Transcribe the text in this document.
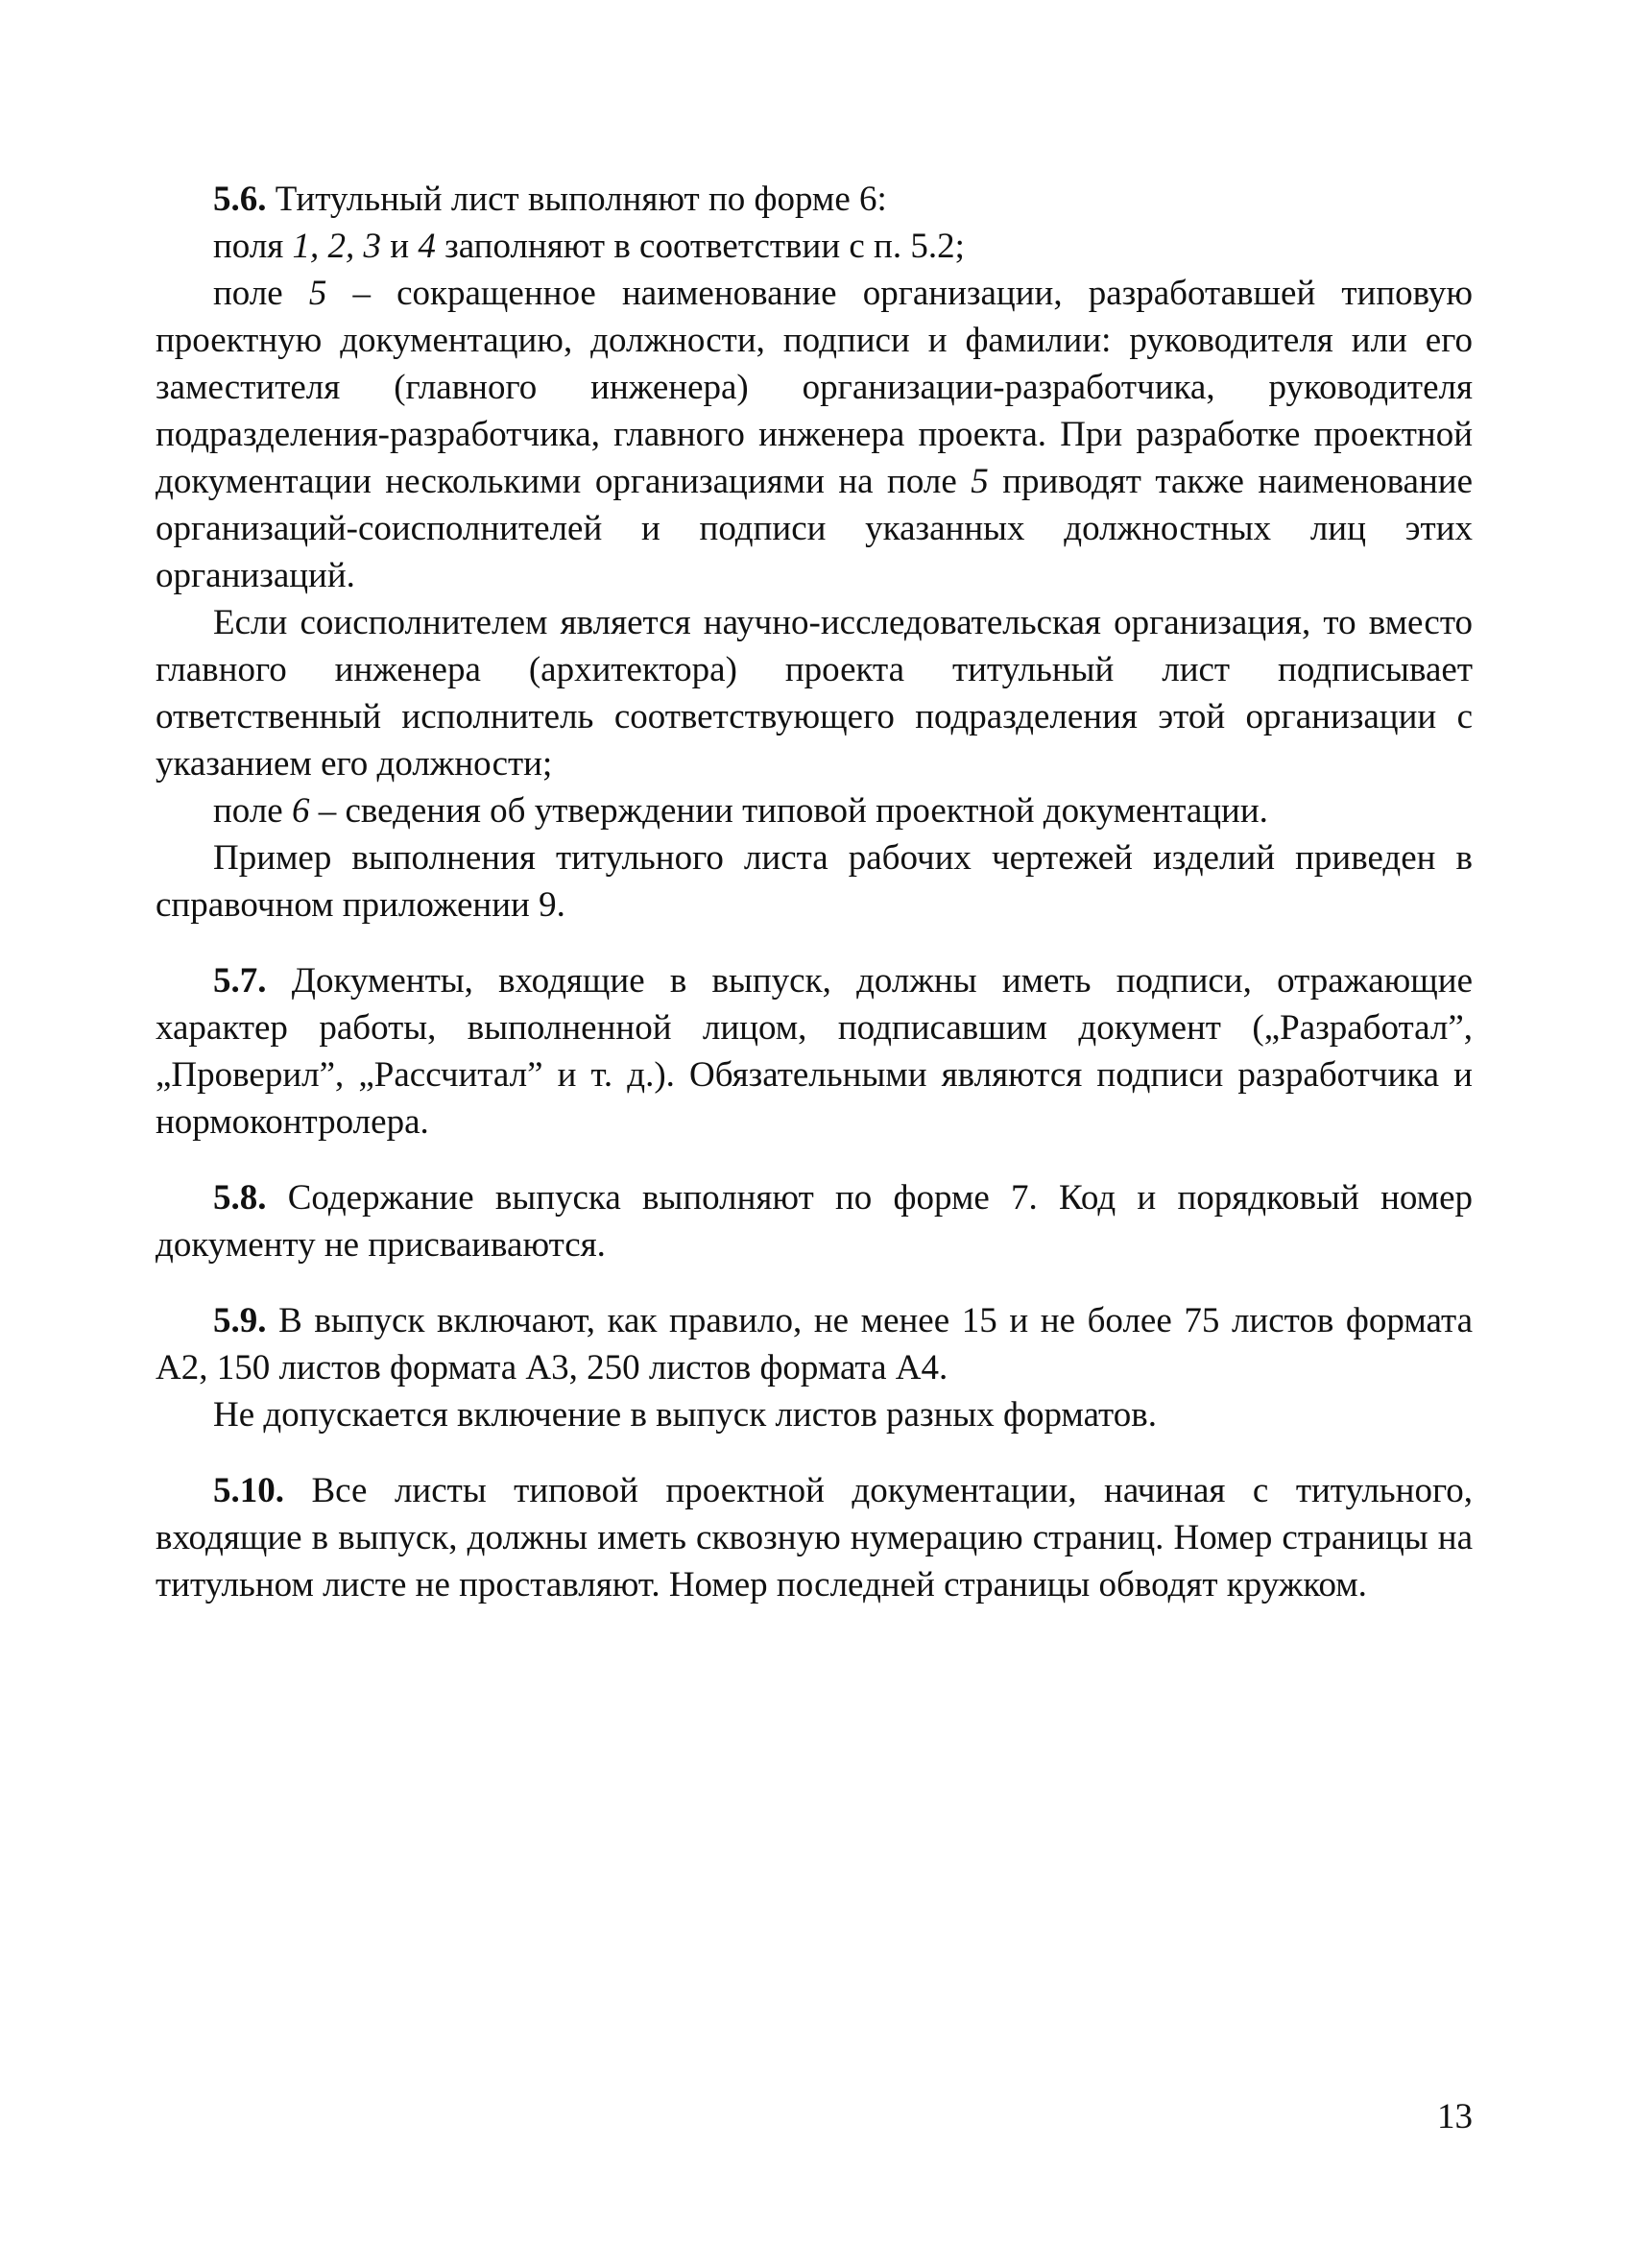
5.6. Титульный лист выполняют по форме 6:

поля 1, 2, 3 и 4 заполняют в соответствии с п. 5.2;

поле 5 – сокращенное наименование организации, разработавшей типовую проектную документацию, должности, подписи и фамилии: руководителя или его заместителя (главного инженера) организации-разработчика, руководителя подразделения-разработчика, главного инженера проекта. При разработке проектной документации несколькими организациями на поле 5 приводят также наименование организаций-соисполнителей и подписи указанных должностных лиц этих организаций.

Если соисполнителем является научно-исследовательская организация, то вместо главного инженера (архитектора) проекта титульный лист подписывает ответственный исполнитель соответствующего подразделения этой организации с указанием его должности;

поле 6 – сведения об утверждении типовой проектной документации.

Пример выполнения титульного листа рабочих чертежей изделий приведен в справочном приложении 9.

5.7. Документы, входящие в выпуск, должны иметь подписи, отражающие характер работы, выполненной лицом, подписавшим документ („Разработал”, „Проверил”, „Рассчитал” и т. д.). Обязательными являются подписи разработчика и нормоконтролера.

5.8. Содержание выпуска выполняют по форме 7. Код и порядковый номер документу не присваиваются.

5.9. В выпуск включают, как правило, не менее 15 и не более 75 листов формата А2, 150 листов формата А3, 250 листов формата А4.

Не допускается включение в выпуск листов разных форматов.

5.10. Все листы типовой проектной документации, начиная с титульного, входящие в выпуск, должны иметь сквозную нумерацию страниц. Номер страницы на титульном листе не проставляют. Номер последней страницы обводят кружком.

13
